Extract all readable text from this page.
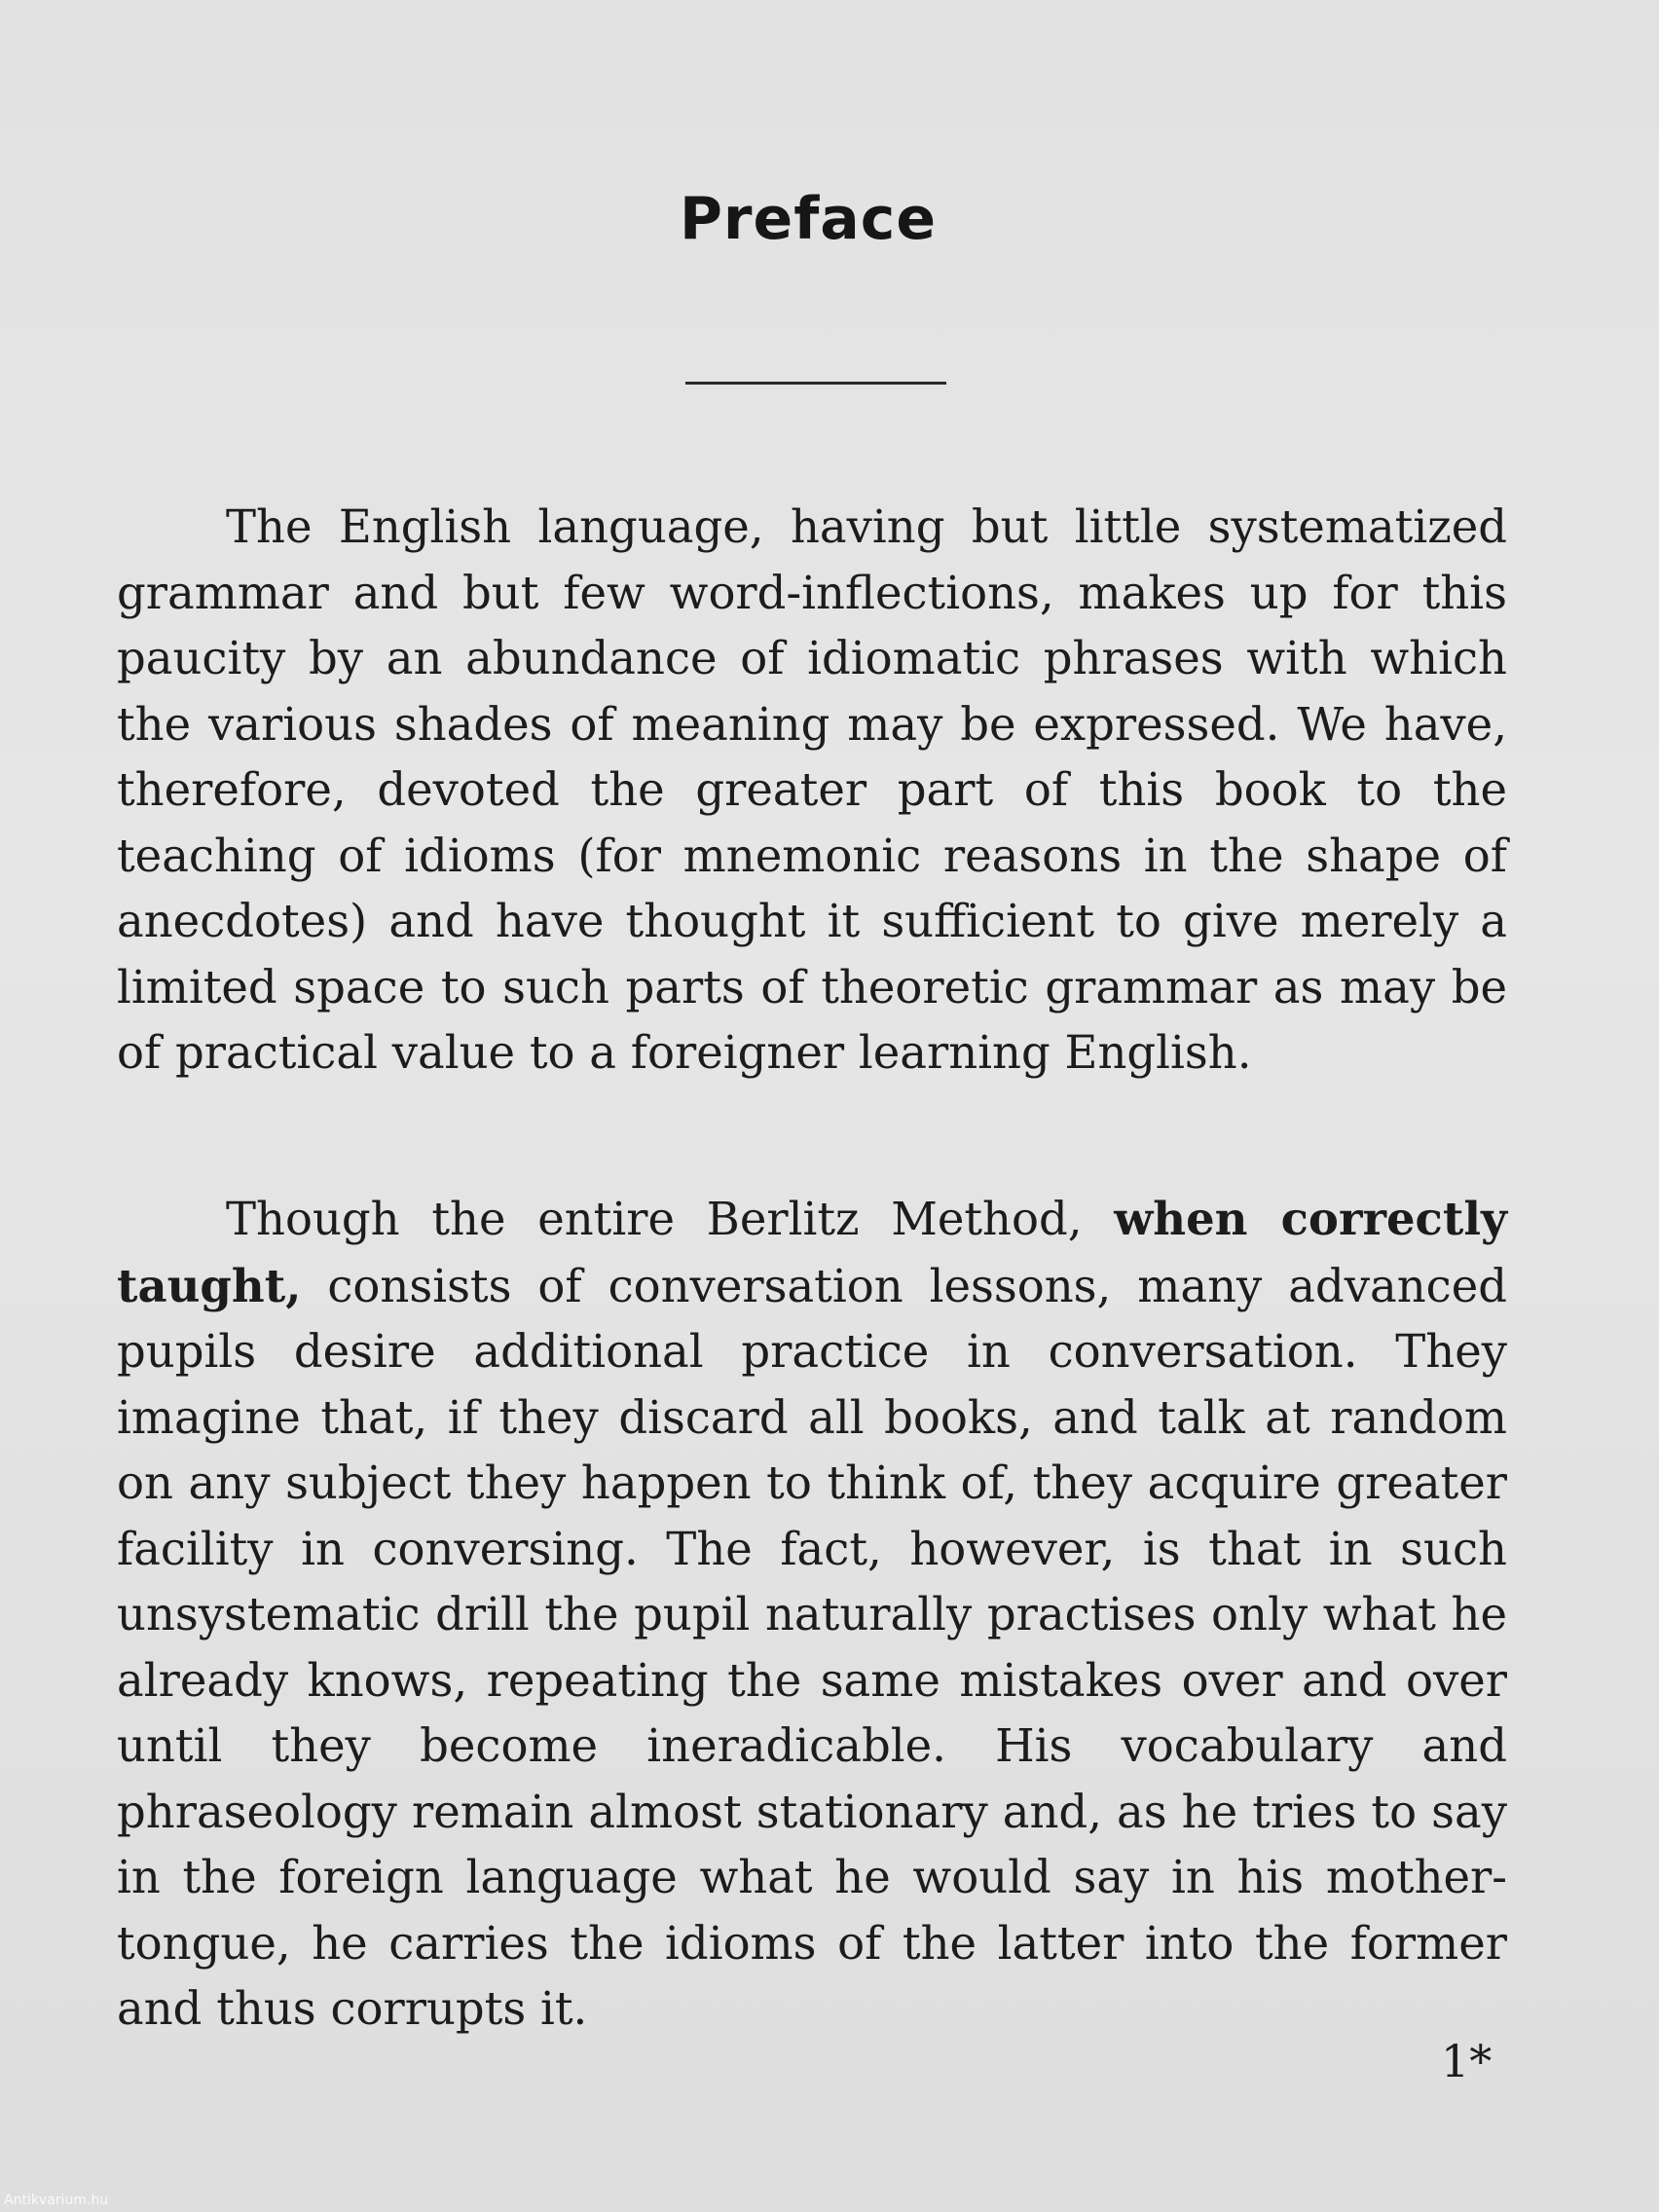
Preface

The English language, having but little systematized grammar and but few word-inflections, makes up for this paucity by an abundance of idiomatic phrases with which the various shades of meaning may be expressed. We have, therefore, devoted the greater part of this book to the teaching of idioms (for mnemonic reasons in the shape of anecdotes) and have thought it sufficient to give merely a limited space to such parts of theoretic grammar as may be of practical value to a foreigner learning English.

Though the entire Berlitz Method, when correctly taught, consists of conversation lessons, many advanced pupils desire additional practice in conversation. They imagine that, if they discard all books, and talk at random on any subject they happen to think of, they acquire greater facility in conversing. The fact, however, is that in such unsystematic drill the pupil naturally practises only what he already knows, repeating the same mistakes over and over until they become ineradicable. His vocabulary and phraseology remain almost stationary and, as he tries to say in the foreign language what he would say in his mother-tongue, he carries the idioms of the latter into the former and thus corrupts it.

1*
Antikvarium.hu
